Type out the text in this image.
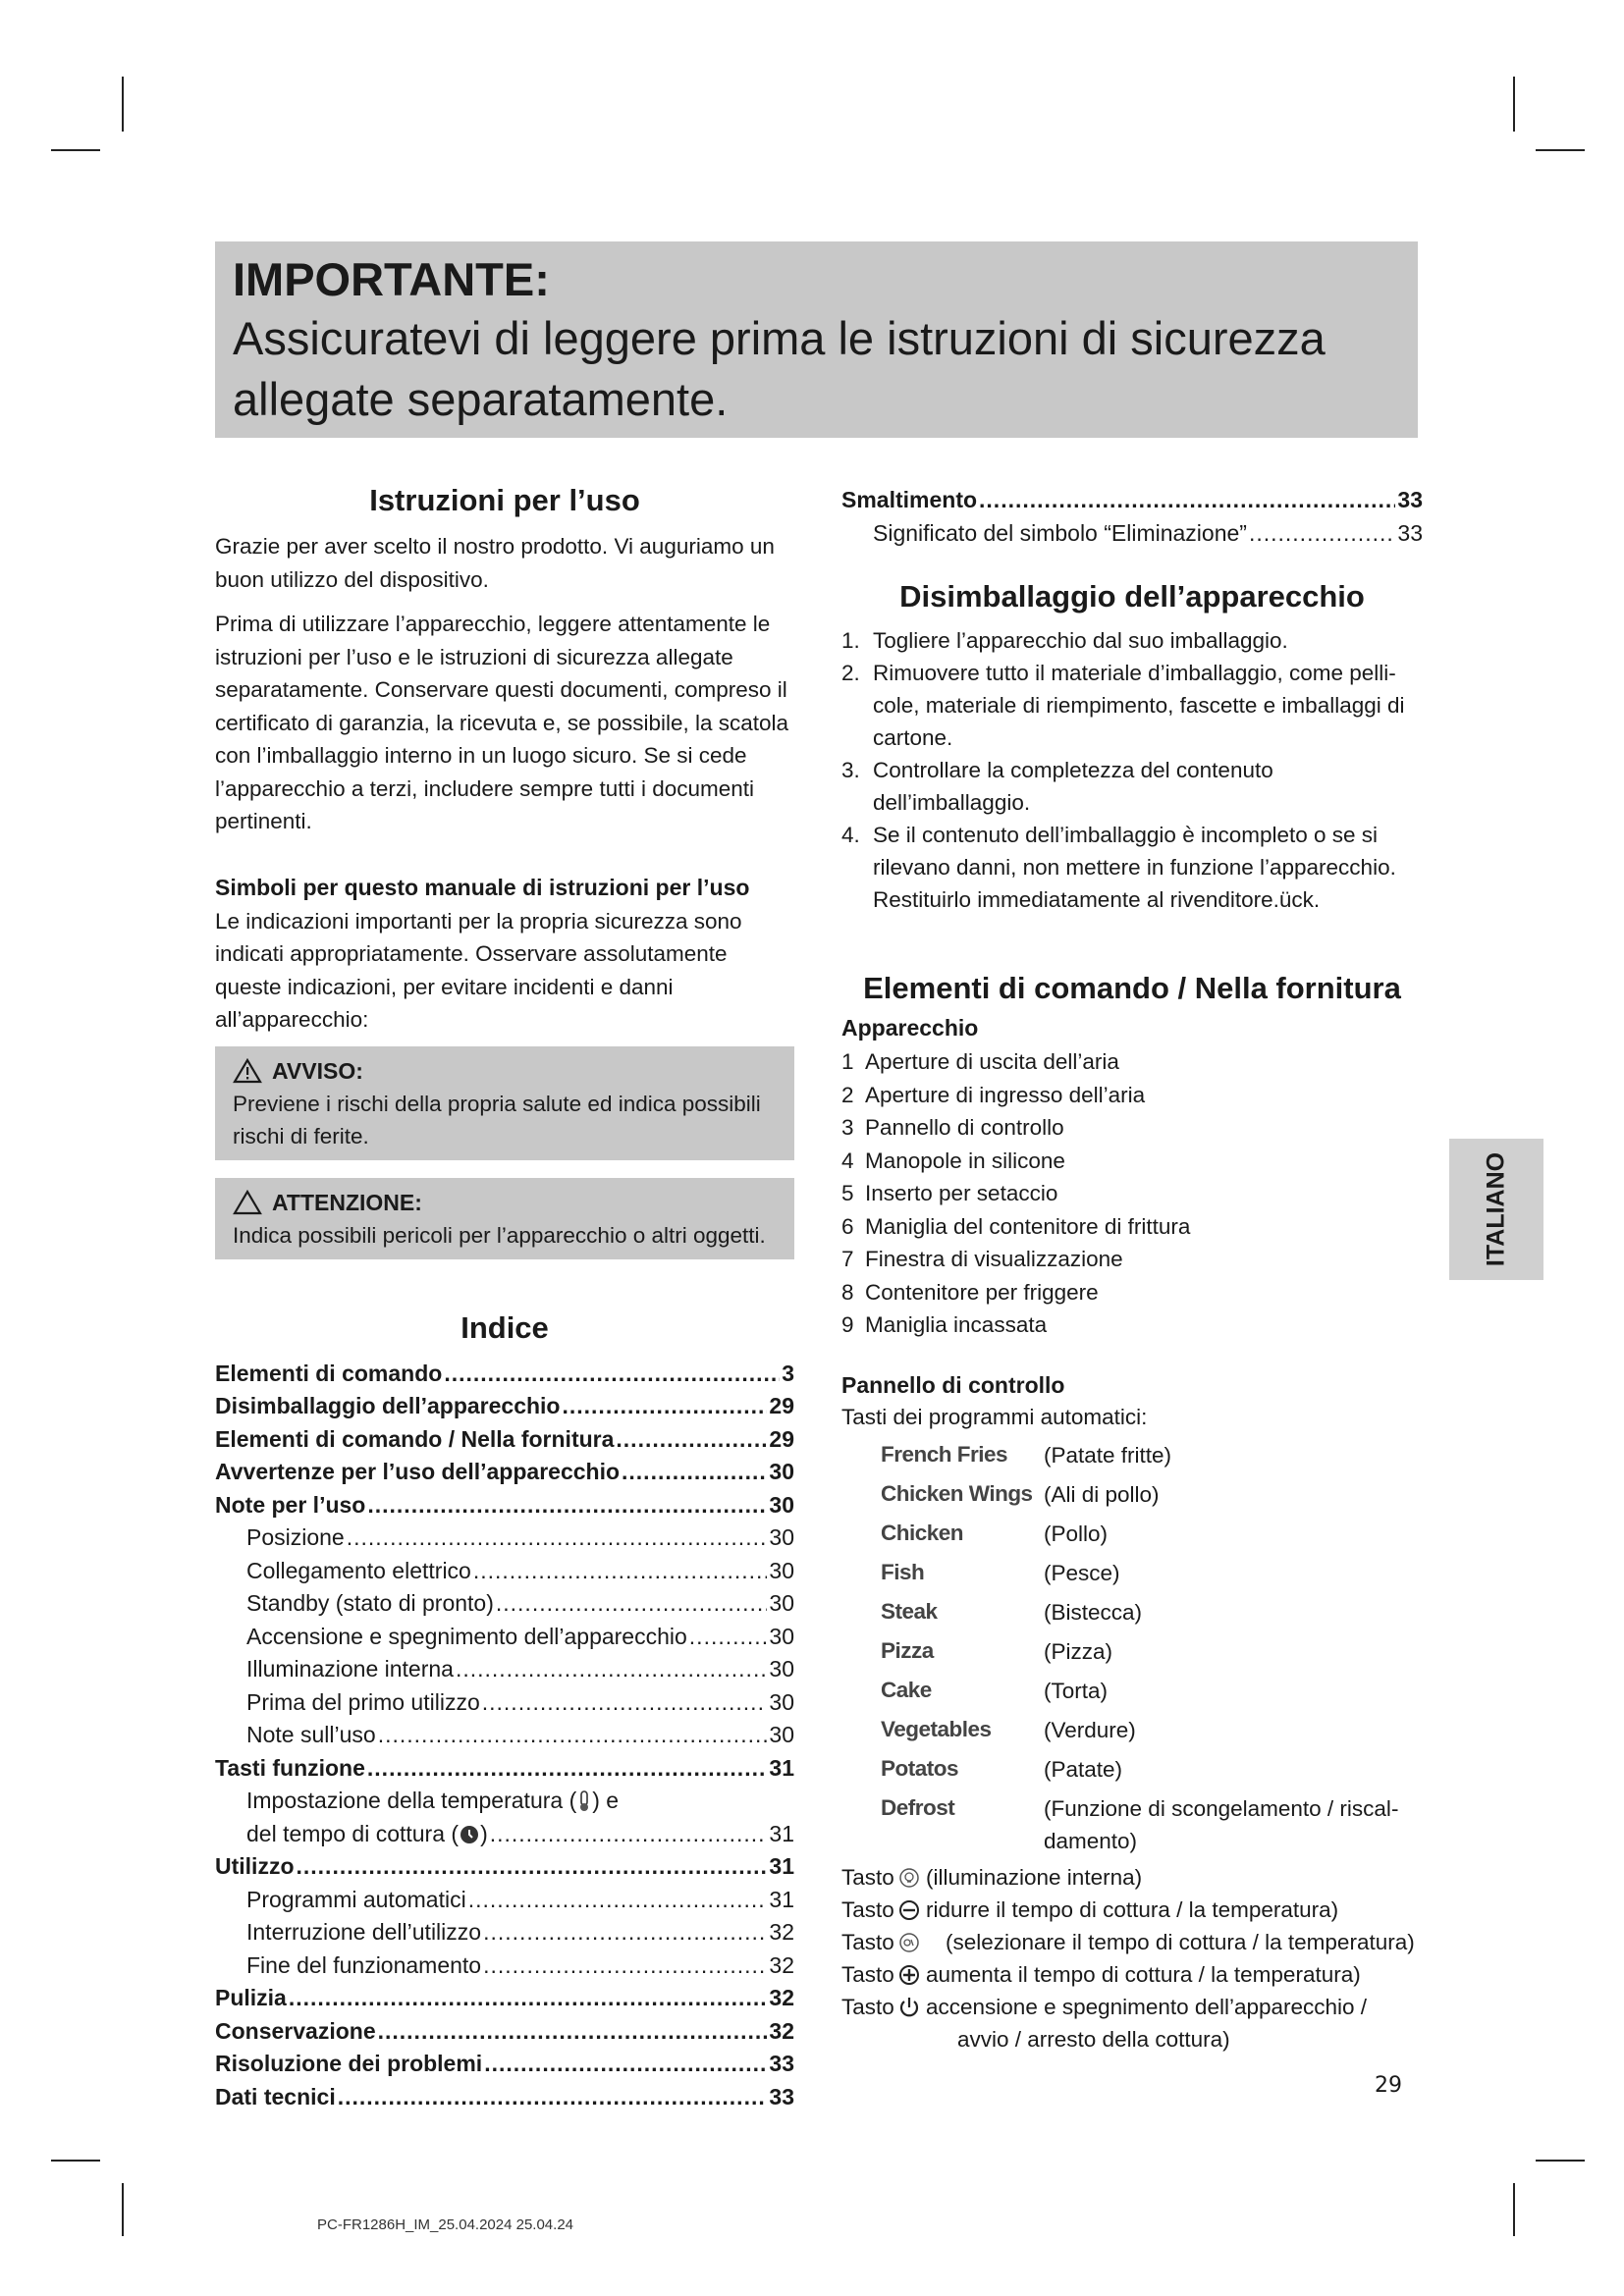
IMPORTANTE:

Assicuratevi di leggere prima le istruzioni di sicurezza allegate separatamente.

Istruzioni per l’uso

Grazie per aver scelto il nostro prodotto. Vi auguriamo un buon utilizzo del dispositivo.

Prima di utilizzare l’apparecchio, leggere attentamente le istruzioni per l’uso e le istruzioni di sicurezza allegate separatamente. Conservare questi documenti, compreso il certificato di garanzia, la ricevuta e, se possibile, la scatola con l’imballaggio interno in un luogo sicuro. Se si cede l’apparecchio a terzi, includere sempre tutti i documenti pertinenti.

Simboli per questo manuale di istruzioni per l’uso

Le indicazioni importanti per la propria sicurezza sono indicati appropriatamente. Osservare assolutamente queste indicazioni, per evitare incidenti e danni all’apparecchio:

AVVISO:
Previene i rischi della propria salute ed indica possibili rischi di ferite.
ATTENZIONE:
Indica possibili pericoli per l’apparecchio o altri oggetti.
Indice
Elementi di comando .....	3
Disimballaggio dell’apparecchio .....	29
Elementi di comando / Nella fornitura .....	29
Avvertenze per l’uso dell’apparecchio .....	30
Note per l’uso .....	30
Posizione .....	30
Collegamento elettrico .....	30
Standby (stato di pronto) .....	30
Accensione e spegnimento dell’apparecchio .....	30
Illuminazione interna .....	30
Prima del primo utilizzo .....	30
Note sull’uso .....	30
Tasti funzione .....	31
Impostazione della temperatura ( ) e
del tempo di cottura ( ) .....	31
Utilizzo .....	31
Programmi automatici .....	31
Interruzione dell’utilizzo .....	32
Fine del funzionamento .....	32
Pulizia .....	32
Conservazione .....	32
Risoluzione dei problemi .....	33
Dati tecnici .....	33
Smaltimento .....	33
Significato del simbolo “Eliminazione” .....	33
Disimballaggio dell’apparecchio
1. Togliere l’apparecchio dal suo imballaggio.
2. Rimuovere tutto il materiale d’imballaggio, come pellicole, materiale di riempimento, fascette e imballaggi di cartone.
3. Controllare la completezza del contenuto dell’imballaggio.
4. Se il contenuto dell’imballaggio è incompleto o se si rilevano danni, non mettere in funzione l’apparecchio. Restituirlo immediatamente al rivenditore.ück.
Elementi di comando / Nella fornitura

Apparecchio

1 Aperture di uscita dell’aria
2 Aperture di ingresso dell’aria
3 Pannello di controllo
4 Manopole in silicone
5 Inserto per setaccio
6 Maniglia del contenitore di frittura
7 Finestra di visualizzazione
8 Contenitore per friggere
9 Maniglia incassata

Pannello di controllo

Tasti dei programmi automatici:

French Fries	(Patate fritte)
Chicken Wings (Ali di pollo)
Chicken	(Pollo)
Fish	(Pesce)
Steak	(Bistecca)
Pizza	(Pizza)
Cake	(Torta)
Vegetables	(Verdure)
Potatos	(Patate)
Defrost	(Funzione di scongelamento / riscaldamento)
Tasto (illuminazione interna)
Tasto ridurre il tempo di cottura / la temperatura)
Tasto (selezionare il tempo di cottura / la temperatura)
Tasto aumenta il tempo di cottura / la temperatura)
Tasto accensione e spegnimento dell’apparecchio /
avvio / arresto della cottura)
ITALIANO
29
PC-FR1286H_IM_25.04.2024 25.04.24
